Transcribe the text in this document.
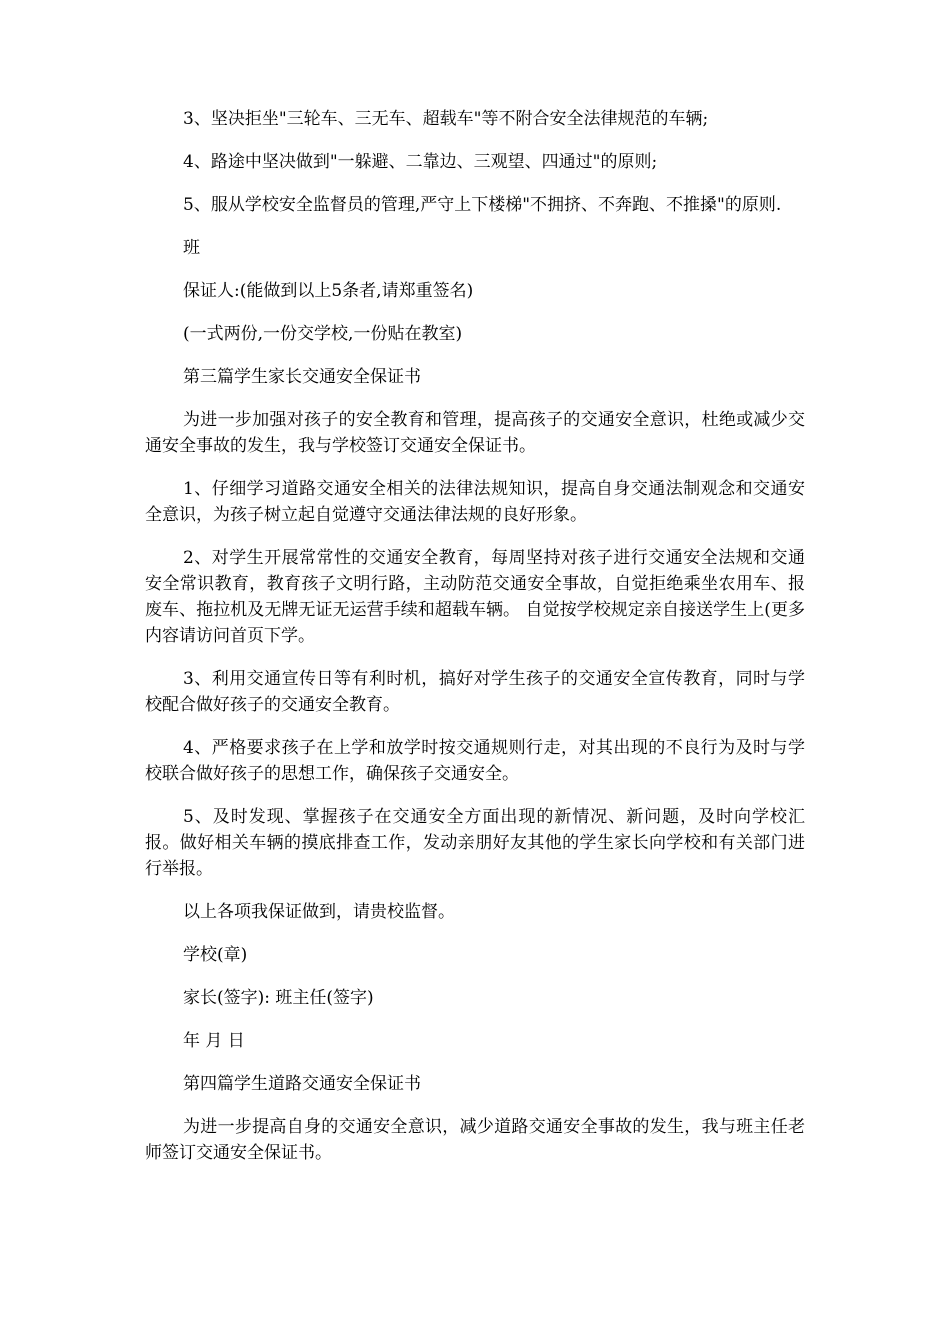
3、坚决拒坐"三轮车、三无车、超载车"等不附合安全法律规范的车辆;

4、路途中坚决做到"一躲避、二靠边、三观望、四通过"的原则;

5、服从学校安全监督员的管理,严守上下楼梯"不拥挤、不奔跑、不推搡"的原则.

班

保证人:(能做到以上5条者,请郑重签名)

(一式两份,一份交学校,一份贴在教室)

第三篇学生家长交通安全保证书

为进一步加强对孩子的安全教育和管理，提高孩子的交通安全意识，杜绝或减少交通安全事故的发生，我与学校签订交通安全保证书。

1、仔细学习道路交通安全相关的法律法规知识，提高自身交通法制观念和交通安全意识，为孩子树立起自觉遵守交通法律法规的良好形象。

2、对学生开展常常性的交通安全教育，每周坚持对孩子进行交通安全法规和交通安全常识教育，教育孩子文明行路，主动防范交通安全事故，自觉拒绝乘坐农用车、报废车、拖拉机及无牌无证无运营手续和超载车辆。 自觉按学校规定亲自接送学生上(更多内容请访问首页下学。

3、利用交通宣传日等有利时机，搞好对学生孩子的交通安全宣传教育，同时与学校配合做好孩子的交通安全教育。

4、严格要求孩子在上学和放学时按交通规则行走，对其出现的不良行为及时与学校联合做好孩子的思想工作，确保孩子交通安全。

5、及时发现、掌握孩子在交通安全方面出现的新情况、新问题，及时向学校汇报。做好相关车辆的摸底排查工作，发动亲朋好友其他的学生家长向学校和有关部门进行举报。

以上各项我保证做到，请贵校监督。

学校(章)

家长(签字): 班主任(签字)

年 月 日

第四篇学生道路交通安全保证书

为进一步提高自身的交通安全意识，减少道路交通安全事故的发生，我与班主任老师签订交通安全保证书。
